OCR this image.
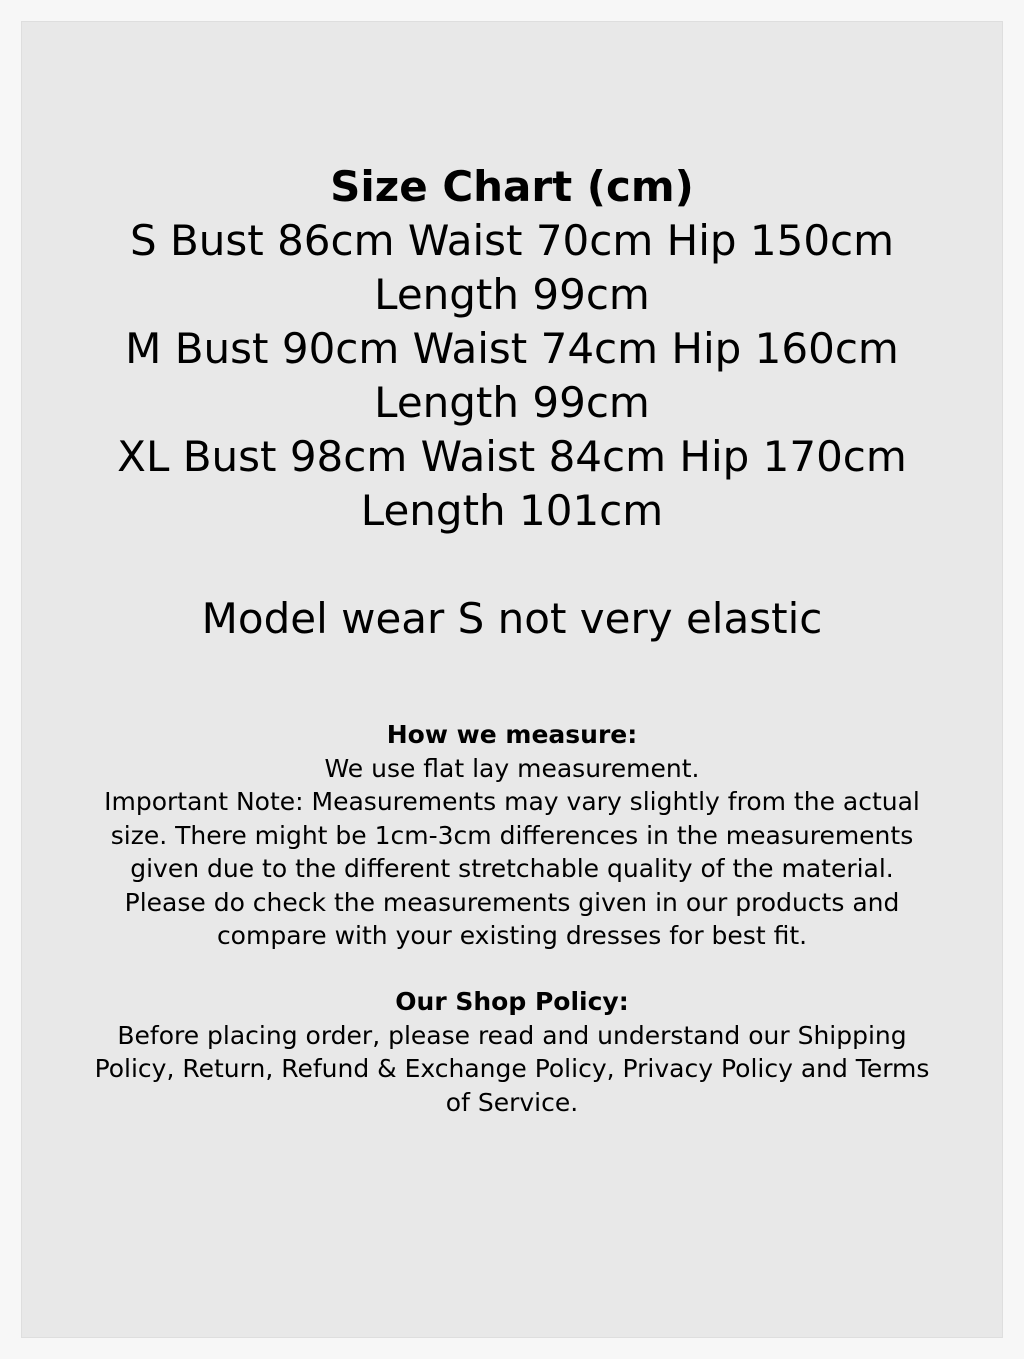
Size Chart (cm)
S Bust 86cm Waist 70cm Hip 150cm
Length 99cm
M Bust 90cm Waist 74cm Hip 160cm
Length 99cm
XL Bust 98cm Waist 84cm Hip 170cm
Length 101cm
Model wear S not very elastic
How we measure:
We use flat lay measurement.
Important Note: Measurements may vary slightly from the actual
size. There might be 1cm-3cm differences in the measurements
given due to the different stretchable quality of the material.
Please do check the measurements given in our products and
compare with your existing dresses for best fit.
Our Shop Policy:
Before placing order, please read and understand our Shipping
Policy, Return, Refund & Exchange Policy, Privacy Policy and Terms
of Service.
